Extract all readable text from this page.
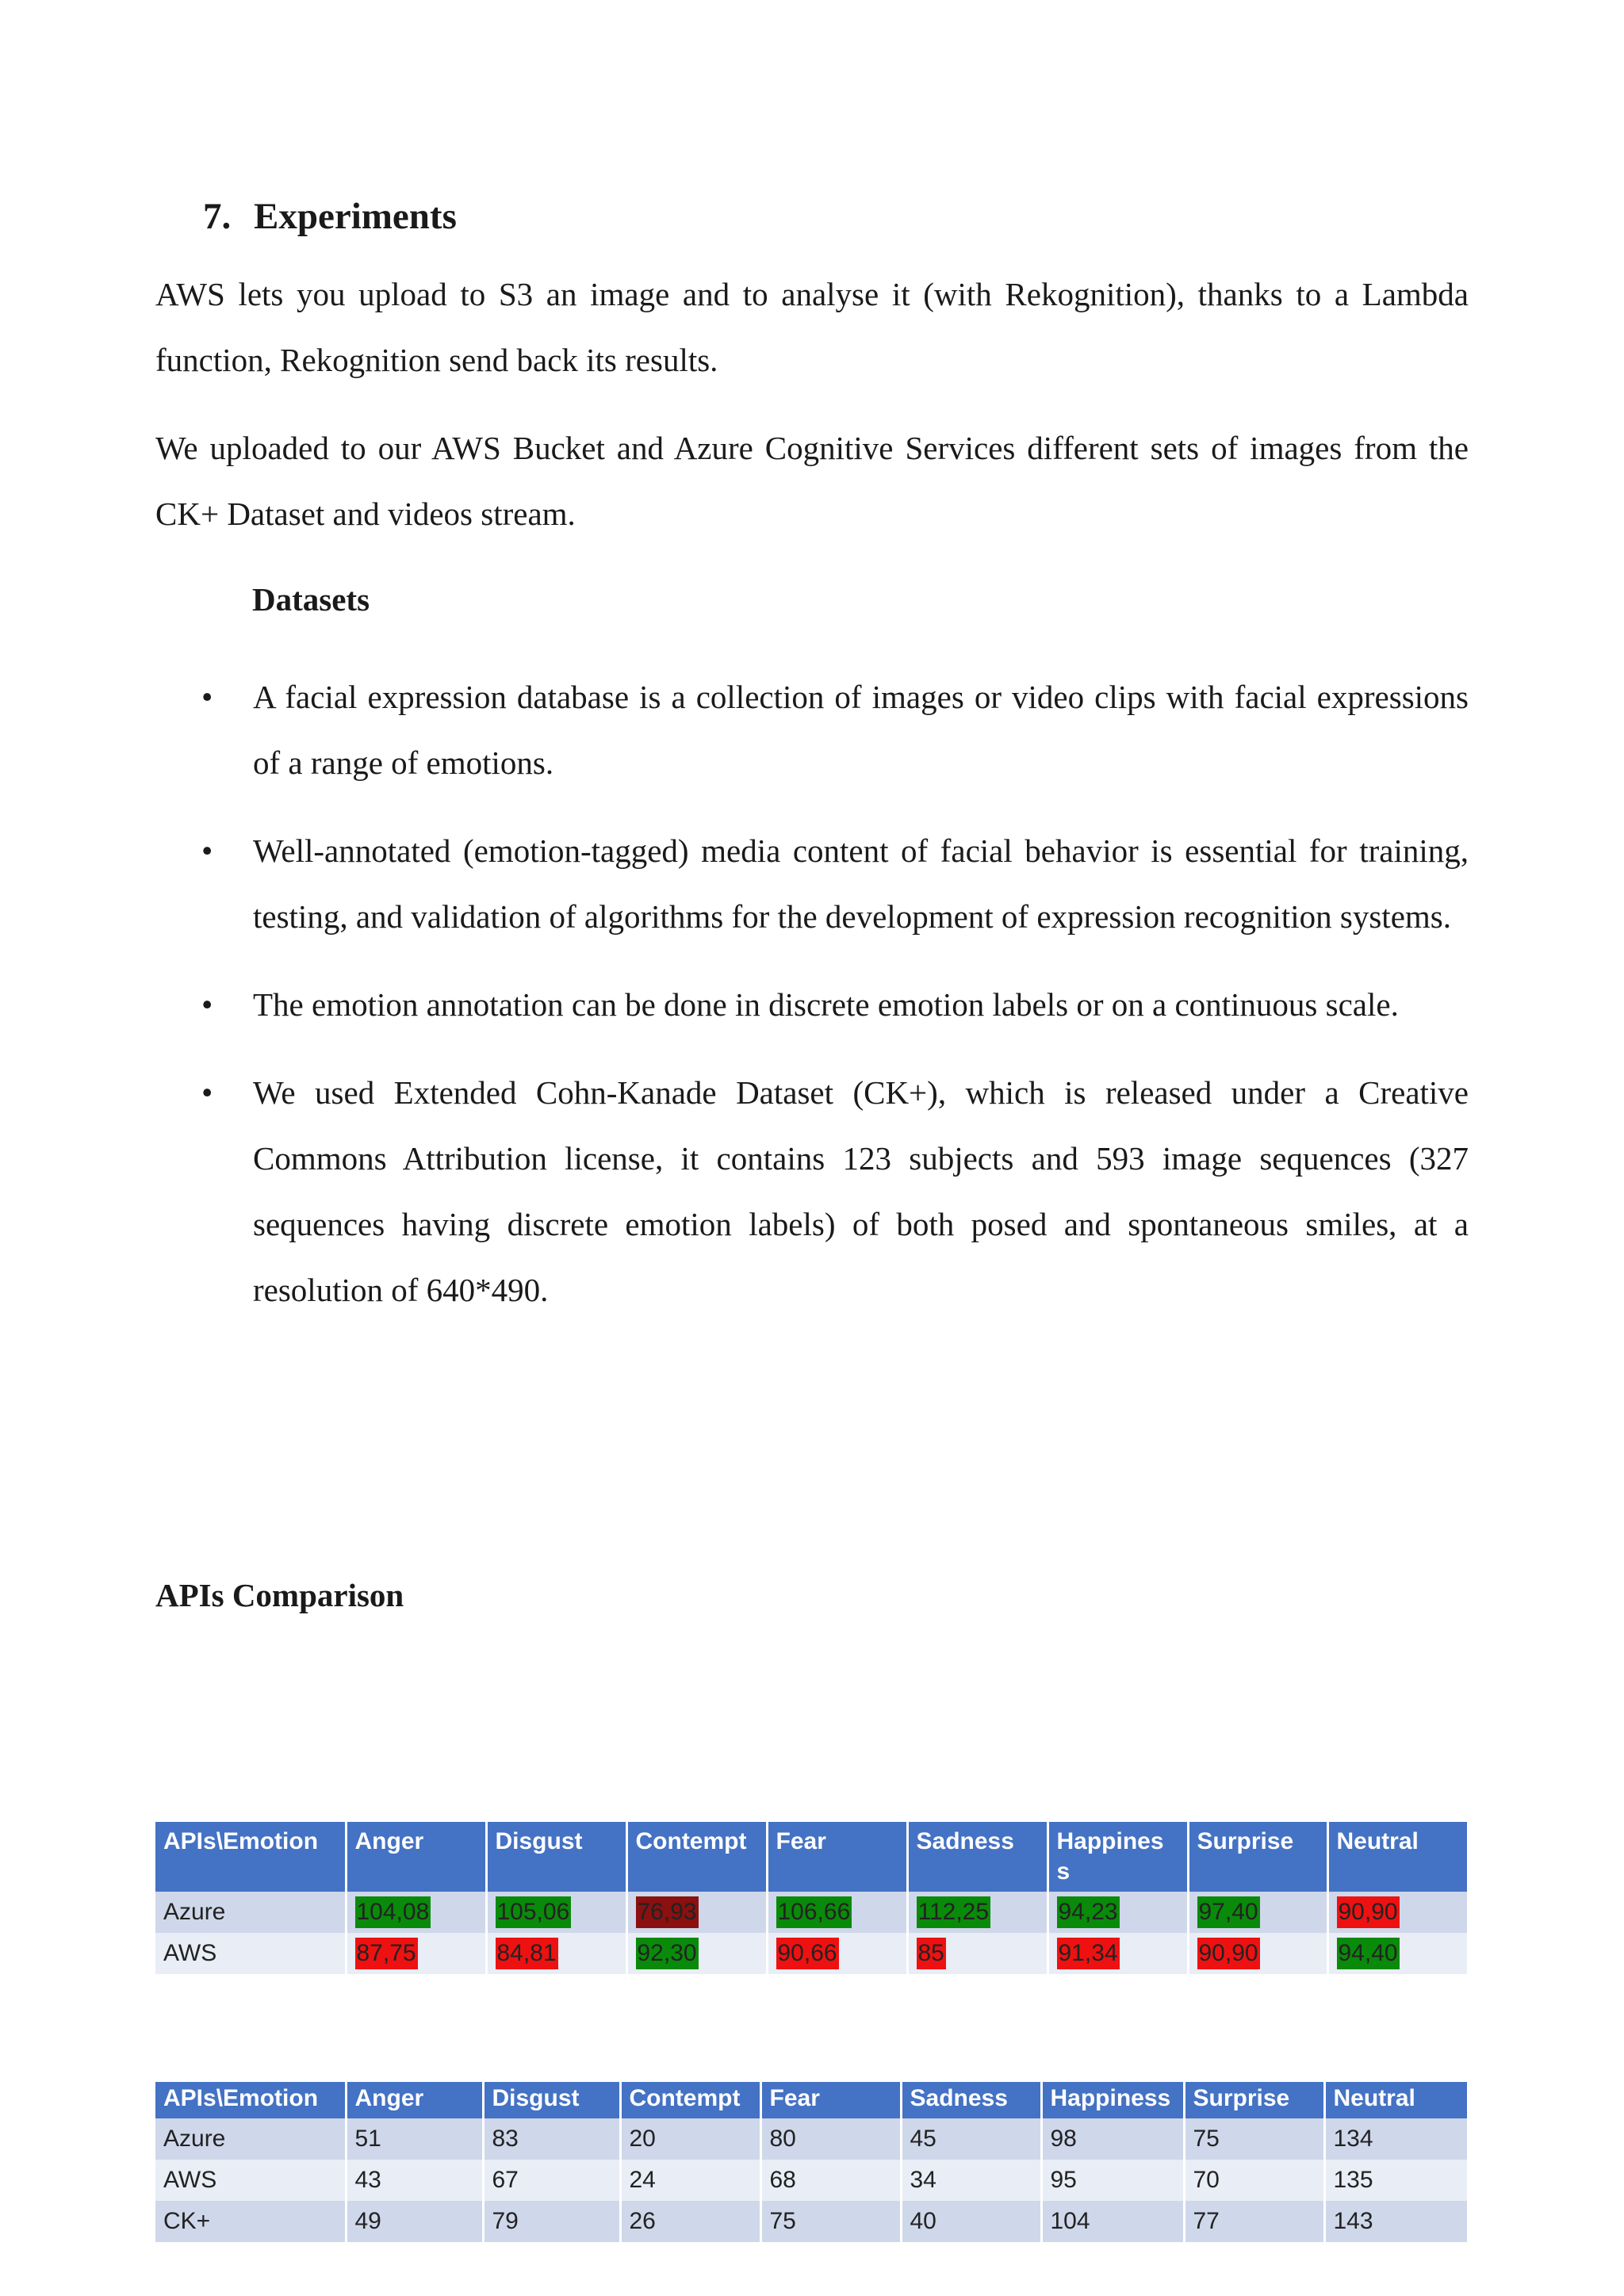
7. Experiments

AWS lets you upload to S3 an image and to analyse it (with Rekognition), thanks to a Lambda function, Rekognition send back its results.

We uploaded to our AWS Bucket and Azure Cognitive Services different sets of images from the CK+ Dataset and videos stream.

Datasets
• A facial expression database is a collection of images or video clips with facial expressions of a range of emotions.
• Well-annotated (emotion-tagged) media content of facial behavior is essential for training, testing, and validation of algorithms for the development of expression recognition systems.
• The emotion annotation can be done in discrete emotion labels or on a continuous scale.
• We used Extended Cohn-Kanade Dataset (CK+), which is released under a Creative Commons Attribution license, it contains 123 subjects and 593 image sequences (327 sequences having discrete emotion labels) of both posed and spontaneous smiles, at a resolution of 640*490.
APIs Comparison
APIs\Emotion	Anger	Disgust	Contempt	Fear	Sadness	Happines s	Surprise	Neutral
Azure	104,08	105,06	76,93	106,66	112,25	94,23	97,40	90,90
AWS	87,75	84,81	92,30	90,66	85	91,34	90,90	94,40
APIs\Emotion	Anger	Disgust	Contempt	Fear	Sadness	Happiness	Surprise	Neutral
Azure	51	83	20	80	45	98	75	134
AWS	43	67	24	68	34	95	70	135
CK+	49	79	26	75	40	104	77	143
